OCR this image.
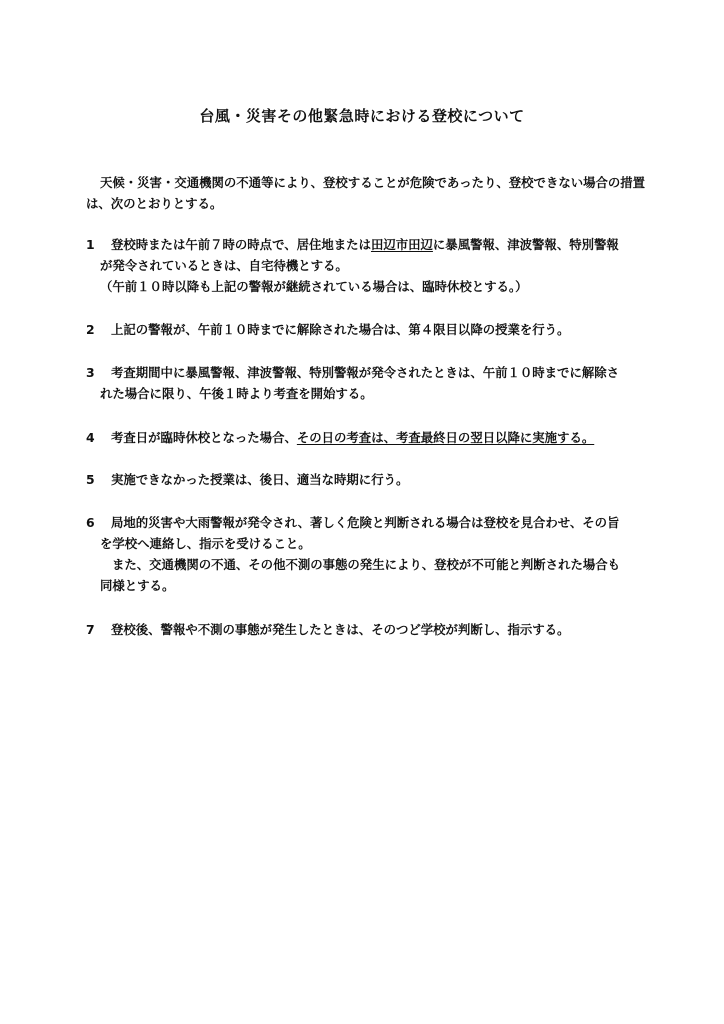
台風・災害その他緊急時における登校について

天候・災害・交通機関の不通等により、登校することが危険であったり、登校できない場合の措置は、次のとおりとする。

1 登校時または午前７時の時点で、居住地または田辺市田辺に暴風警報、津波警報、特別警報
が発令されているときは、自宅待機とする。
（午前１０時以降も上記の警報が継続されている場合は、臨時休校とする。）
2 上記の警報が、午前１０時までに解除された場合は、第４限目以降の授業を行う。
3 考査期間中に暴風警報、津波警報、特別警報が発令されたときは、午前１０時までに解除さ
れた場合に限り、午後１時より考査を開始する。
4 考査日が臨時休校となった場合、その日の考査は、考査最終日の翌日以降に実施する。
5 実施できなかった授業は、後日、適当な時期に行う。
6 局地的災害や大雨警報が発令され、著しく危険と判断される場合は登校を見合わせ、その旨
を学校へ連絡し、指示を受けること。
また、交通機関の不通、その他不測の事態の発生により、登校が不可能と判断された場合も
同様とする。
7 登校後、警報や不測の事態が発生したときは、そのつど学校が判断し、指示する。
